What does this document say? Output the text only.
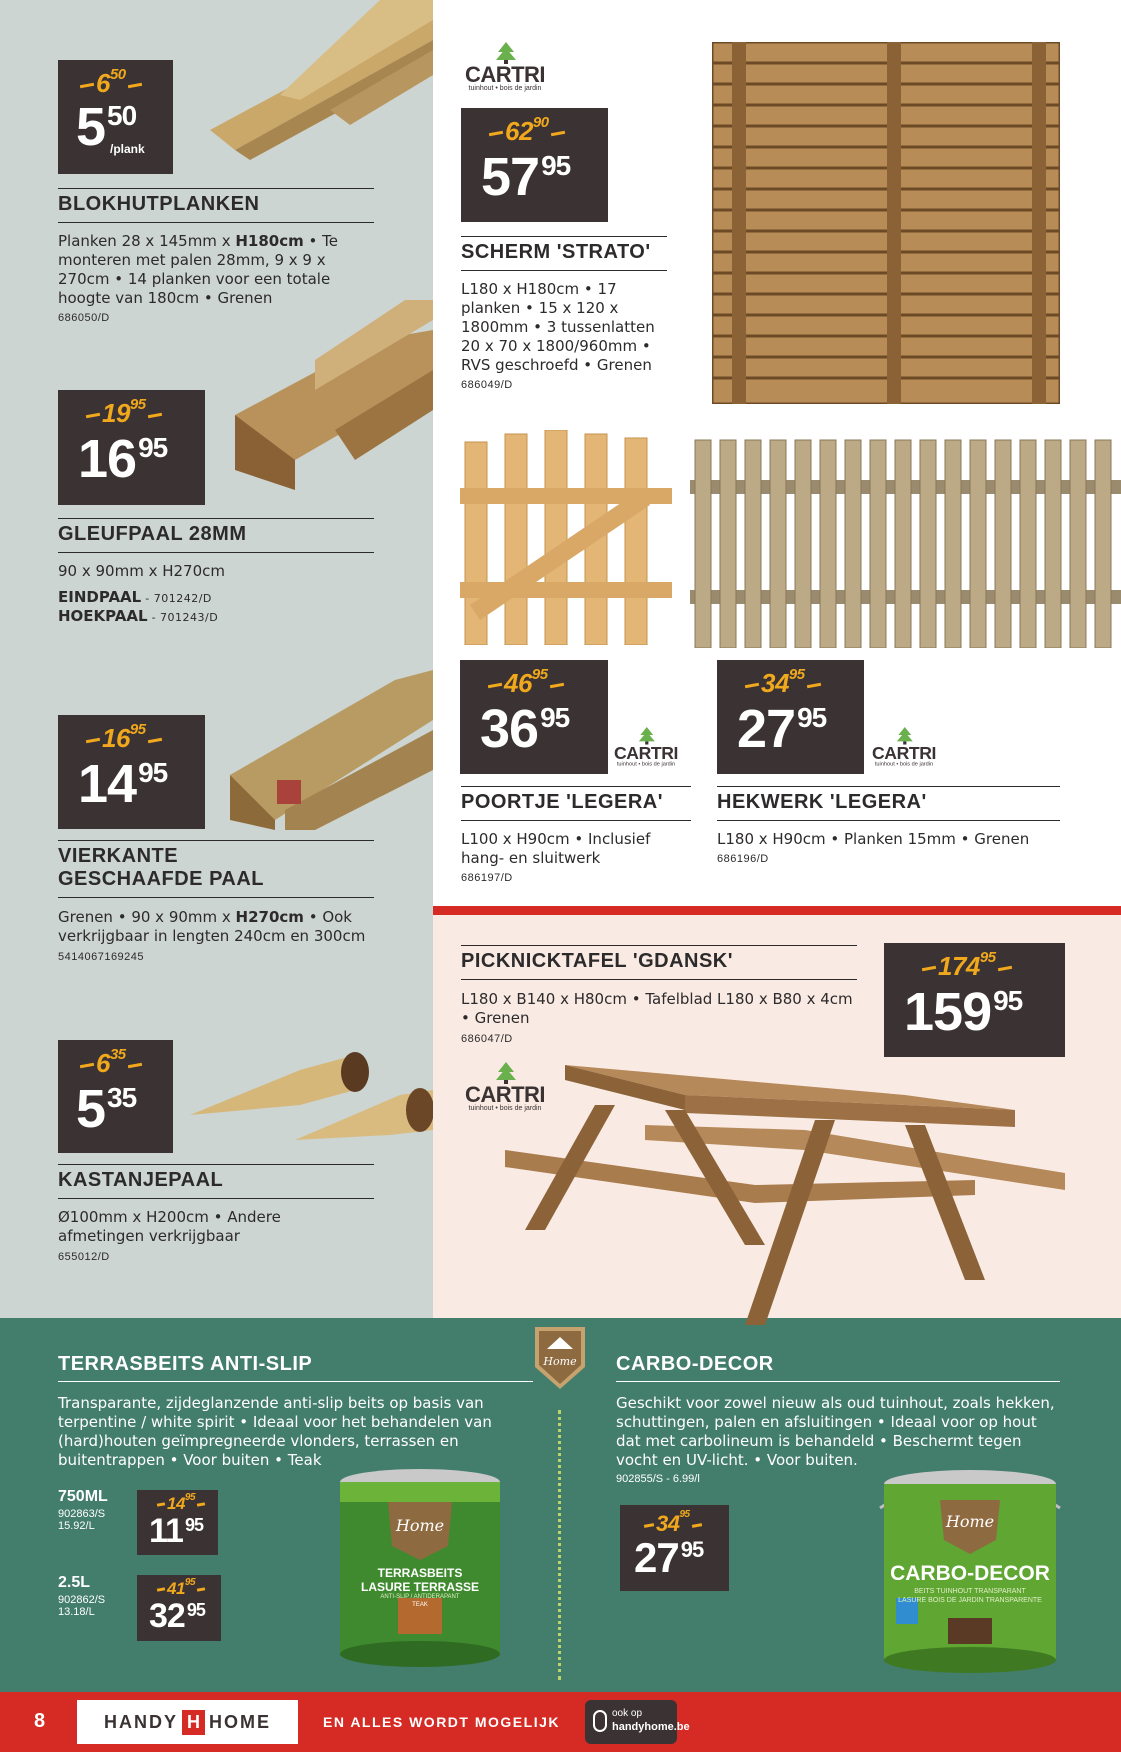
$6^{50}$
$5^{50}$
/plank
BLOKHUTPLANKEN
Planken 28 x 145mm x H180cm • Te monteren met palen 28mm, 9 x 9 x 270cm • 14 planken voor een totale hoogte van 180cm • Grenen
686050/D
$19^{95}$
$16^{95}$
GLEUFPAAL 28MM
90 x 90mm x H270cm
EINDPAAL - 701242/D
HOEKPAAL - 701243/D
$16^{95}$
$14^{95}$
VIERKANTE
GESCHAAFDE PAAL
Grenen • 90 x 90mm x H270cm • Ook verkrijgbaar in lengten 240cm en 300cm
5414067169245
$6^{35}$
$5^{35}$
KASTANJEPAAL
Ø100mm x H200cm • Andere afmetingen verkrijgbaar
655012/D
CARTRI
tuinhout • bois de jardin
$62^{90}$
$57^{95}$
SCHERM 'STRATO'
L180 x H180cm • 17 planken • 15 x 120 x 1800mm • 3 tussenlatten 20 x 70 x 1800/960mm • RVS geschroefd • Grenen
686049/D
$46^{95}$
$36^{95}$
CARTRI
tuinhout • bois de jardin
POORTJE 'LEGERA'
L100 x H90cm • Inclusief hang- en sluitwerk
686197/D
$34^{95}$
$27^{95}$
CARTRI
tuinhout • bois de jardin
HEKWERK 'LEGERA'
L180 x H90cm • Planken 15mm • Grenen
686196/D
PICKNICKTAFEL 'GDANSK'
L180 x B140 x H80cm • Tafelblad L180 x B80 x 4cm • Grenen
686047/D
$174^{95}$
$159^{95}$
CARTRI
tuinhout • bois de jardin
Home
TERRASBEITS ANTI-SLIP
Transparante, zijdeglanzende anti-slip beits op basis van terpentine / white spirit • Ideaal voor het behandelen van (hard)houten geïmpregneerde vlonders, terrassen en buitentrappen • Voor buiten • Teak
750ML
902863/S
15.92/L
$14^{95}$
11 $^{95}$
2.5L
902862/S
13.18/L
$41^{95}$
32 $^{95}$
Home
TERRASBEITS
LASURE TERRASSE
ANTI-SLIP / ANTIDERAPANT
TEAK
CARBO-DECOR
Geschikt voor zowel nieuw als oud tuinhout, zoals hekken, schuttingen, palen en afsluitingen • Ideaal voor op hout dat met carbolineum is behandeld • Beschermt tegen vocht en UV-licht. • Voor buiten.
902855/S - 6.99/l
$34^{95}$
$27^{95}$
Home
CARBO-DECOR
BEITS TUINHOUT TRANSPARANT
LASURE BOIS DE JARDIN TRANSPARENTE
8	HANDY H HOME	EN ALLES WORDT MOGELIJK
ook op
handyhome.be
